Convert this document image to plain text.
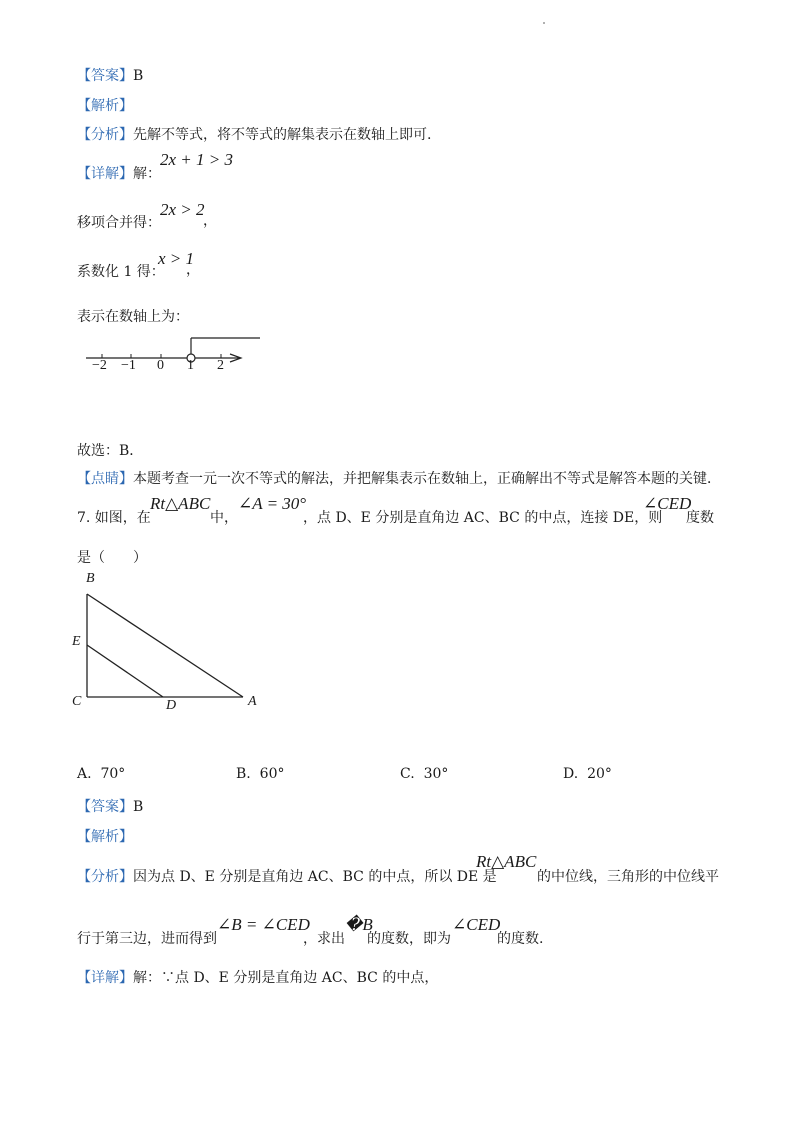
【答案】B
【解析】
【分析】先解不等式，将不等式的解集表示在数轴上即可.
【详解】解：
2x + 1 > 3
移项合并得：
2x > 2
，
系数化 1 得：
x > 1
，
表示在数轴上为：
−2 −1 0 1 2
故选：B．
【点睛】本题考查一元一次不等式的解法，并把解集表示在数轴上，正确解出不等式是解答本题的关键．
7. 如图，在
Rt△ABC
中，
∠A = 30°
，点 D、E 分别是直角边 AC、BC 的中点，连接 DE，则
∠CED
度数
是（　　）
B
E
C	D	A
A. 70°	B. 60°	C. 30°	D. 20°
【答案】B
【解析】
【分析】因为点 D、E 分别是直角边 AC、BC 的中点，所以 DE 是
Rt△ABC
的中位线，三角形的中位线平
行于第三边，进而得到
∠B = ∠CED
，求出
�B
的度数，即为
∠CED
的度数.
【详解】解：∵点 D、E 分别是直角边 AC、BC 的中点，
